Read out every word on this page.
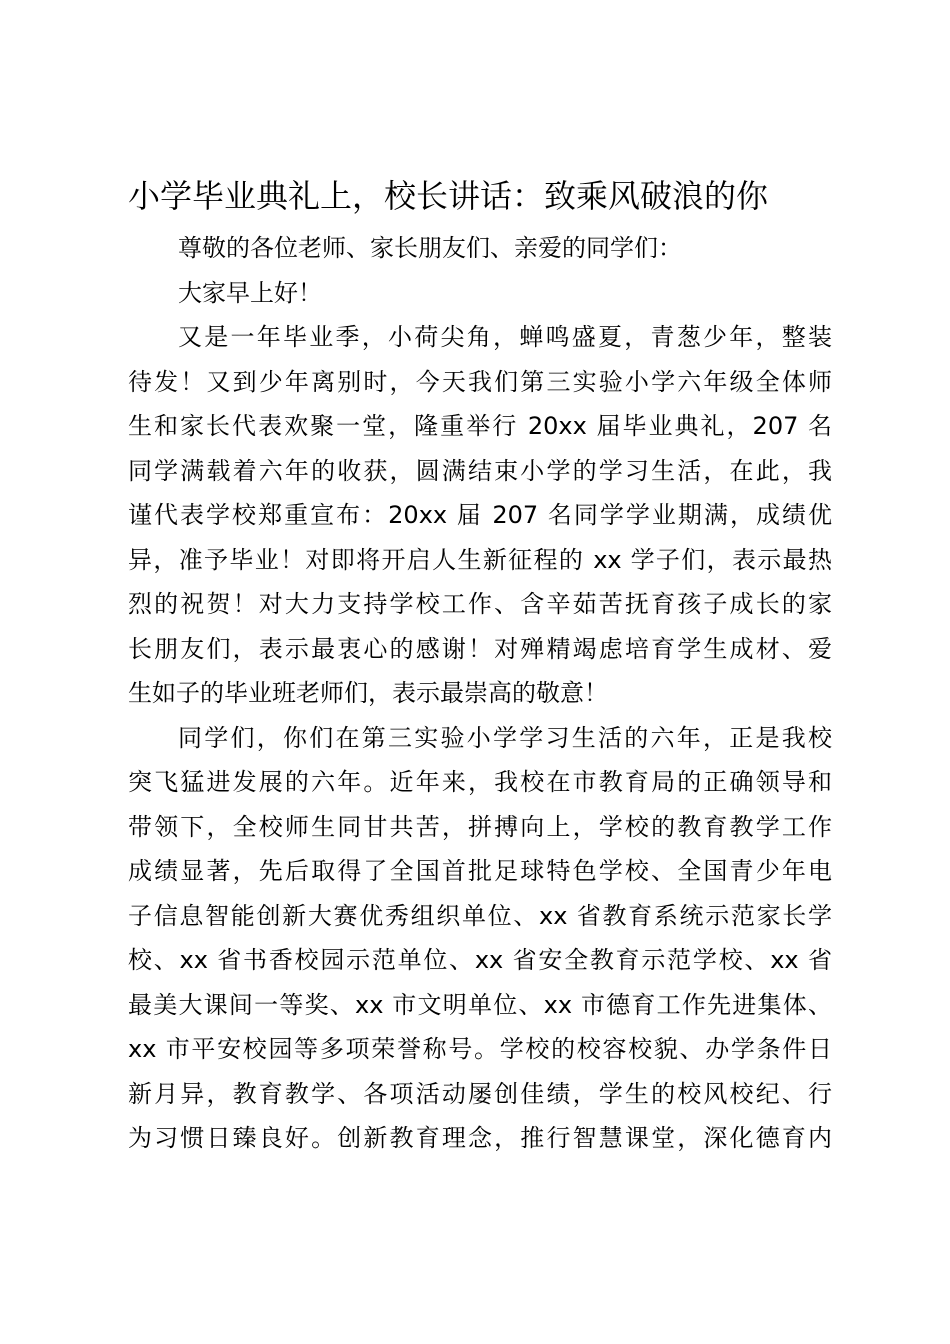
小学毕业典礼上，校长讲话：致乘风破浪的你
尊敬的各位老师、家长朋友们、亲爱的同学们：
大家早上好！
又是一年毕业季，小荷尖角，蝉鸣盛夏，青葱少年，整装
待发！又到少年离别时，今天我们第三实验小学六年级全体师
生和家长代表欢聚一堂，隆重举行 20xx 届毕业典礼，207 名
同学满载着六年的收获，圆满结束小学的学习生活，在此，我
谨代表学校郑重宣布：20xx 届 207 名同学学业期满，成绩优
异，准予毕业！对即将开启人生新征程的 xx 学子们，表示最热
烈的祝贺！对大力支持学校工作、含辛茹苦抚育孩子成长的家
长朋友们，表示最衷心的感谢！对殚精竭虑培育学生成材、爱
生如子的毕业班老师们，表示最崇高的敬意！
同学们，你们在第三实验小学学习生活的六年，正是我校
突飞猛进发展的六年。近年来，我校在市教育局的正确领导和
带领下，全校师生同甘共苦，拼搏向上，学校的教育教学工作
成绩显著，先后取得了全国首批足球特色学校、全国青少年电
子信息智能创新大赛优秀组织单位、xx 省教育系统示范家长学
校、xx 省书香校园示范单位、xx 省安全教育示范学校、xx 省
最美大课间一等奖、xx 市文明单位、xx 市德育工作先进集体、
xx 市平安校园等多项荣誉称号。学校的校容校貌、办学条件日
新月异，教育教学、各项活动屡创佳绩，学生的校风校纪、行
为习惯日臻良好。创新教育理念，推行智慧课堂，深化德育内
